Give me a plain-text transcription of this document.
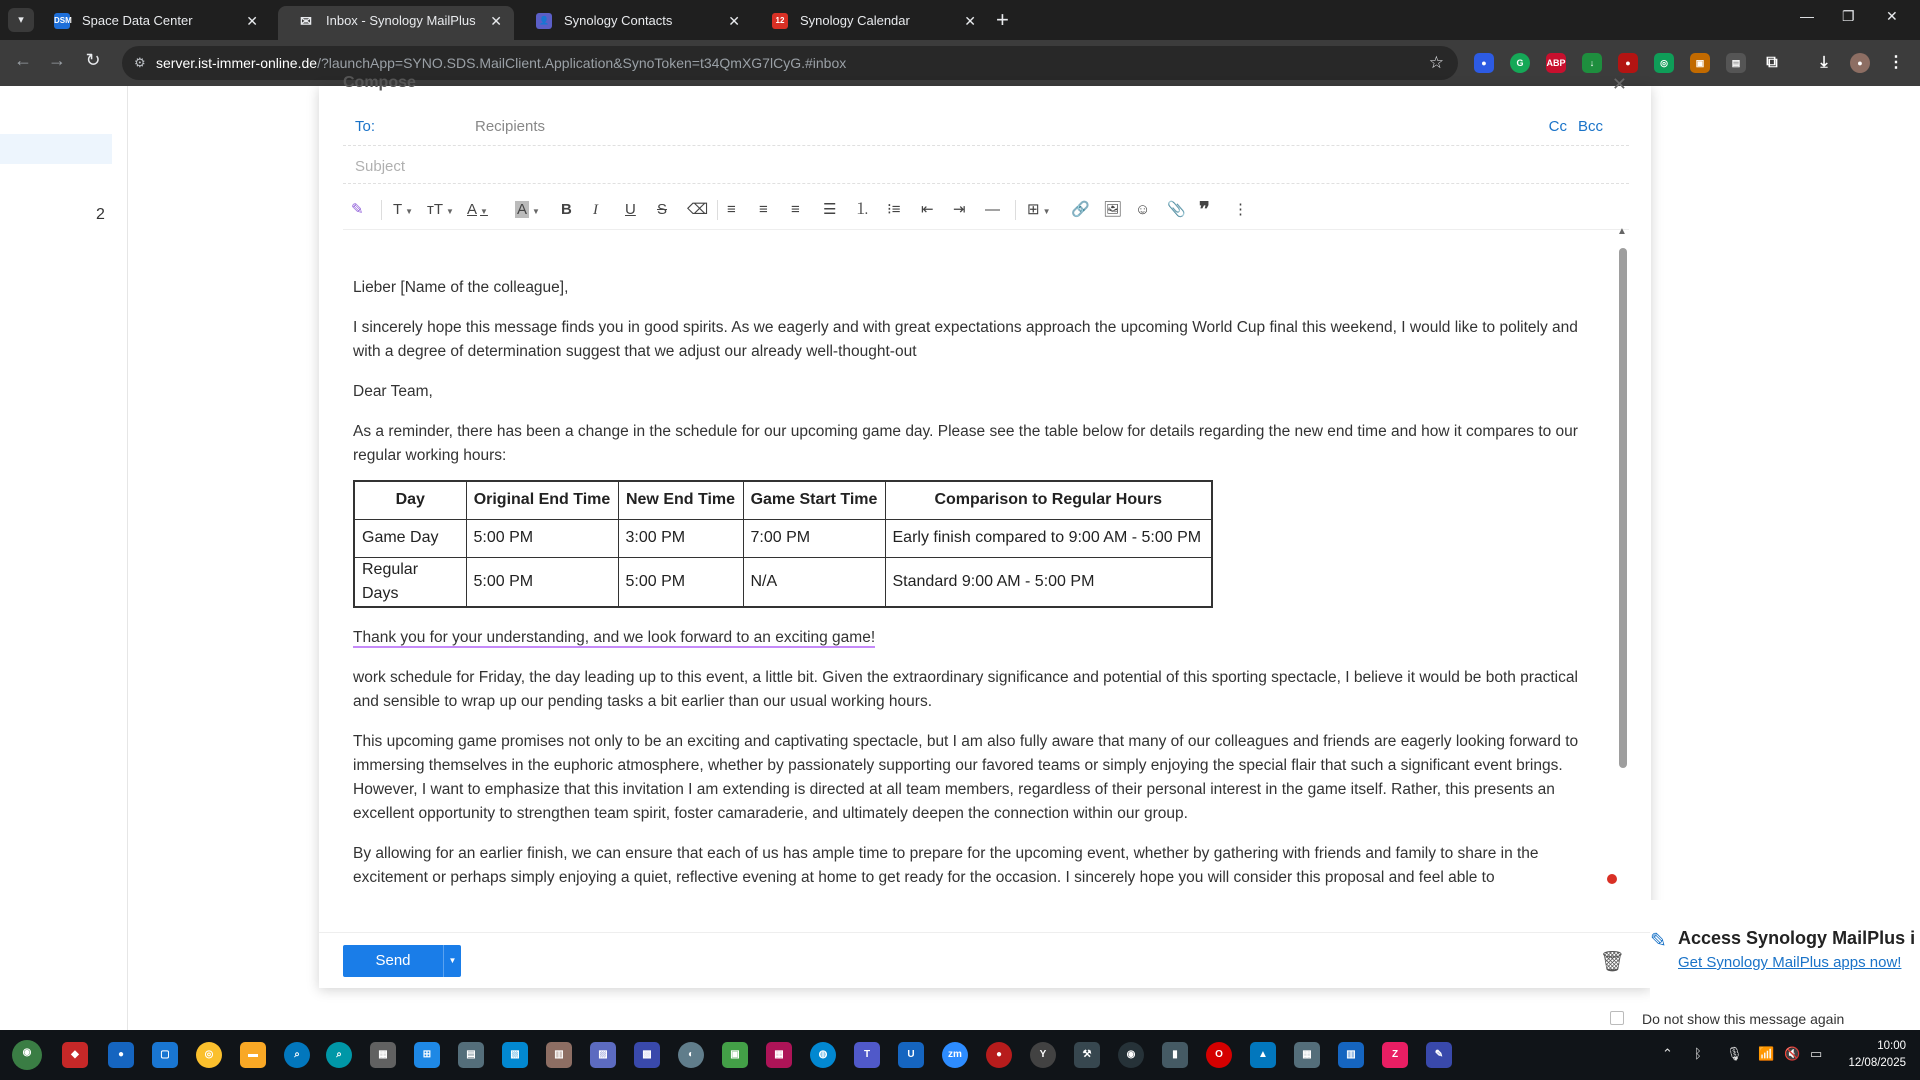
▾	DSM Space Data Center	✕	✉ Inbox - Synology MailPlus ✕	👤 Synology Contacts	✕	12 Synology Calendar	✕ +	— ❐ ✕
← →	↻	⚙ server.ist-immer-online.de/?launchApp=SYNO.SDS.MailClient.Application&SynoToken=t34QmXG7lCyG.#inbox	☆	●	G	ABP	↓	●	◎	▣	▤	⧉	⤓	●	⋮
2
Compose	✕
To:	Recipients	Cc Bcc
Subject
✎ T ▼ тT ▼ A ▼ A ▼ B I U S ⌫ ≡ ≡ ≡ ☰ ⒈ ⁝≡ ⇤ ⇥ — ⊞ ▼ 🔗 🖼 ☺ 📎 ❞ ⋮

Lieber [Name of the colleague],

I sincerely hope this message finds you in good spirits. As we eagerly and with great expectations approach the upcoming World Cup final this weekend, I would like to politely and with a degree of determination suggest that we adjust our already well-thought-out

Dear Team,

As a reminder, there has been a change in the schedule for our upcoming game day. Please see the table below for details regarding the new end time and how it compares to our regular working hours:

Day	Original End Time	New End Time	Game Start Time	Comparison to Regular Hours
Game Day	5:00 PM	3:00 PM	7:00 PM	Early finish compared to 9:00 AM - 5:00 PM
Regular Days	5:00 PM	5:00 PM	N/A	Standard 9:00 AM - 5:00 PM

Thank you for your understanding, and we look forward to an exciting game!

work schedule for Friday, the day leading up to this event, a little bit. Given the extraordinary significance and potential of this sporting spectacle, I believe it would be both practical and sensible to wrap up our pending tasks a bit earlier than our usual working hours.

This upcoming game promises not only to be an exciting and captivating spectacle, but I am also fully aware that many of our colleagues and friends are eagerly looking forward to immersing themselves in the euphoric atmosphere, whether by passionately supporting our favored teams or simply enjoying the special flair that such a significant event brings. However, I want to emphasize that this invitation I am extending is directed at all team members, regardless of their personal interest in the game itself. Rather, this presents an excellent opportunity to strengthen team spirit, foster camaraderie, and ultimately deepen the connection within our group.

By allowing for an earlier finish, we can ensure that each of us has ample time to prepare for the upcoming event, whether by gathering with friends and family to share in the excitement or perhaps simply enjoying a quiet, reflective evening at home to get ready for the occasion. I sincerely hope you will consider this proposal and feel able to

▲
Send	▼	🗑
✎ Access Synology MailPlus i
Get Synology MailPlus apps now!
Do not show this message again
◉	◆	●	▢	◎	▬	⌕	⌕	▦	⊞	▤	▧	▥	▨	▩	◐	▣	▦	◍	T	U	zm	●	Y	⚒	◉	▮	O	▲	▦	▥	Z	✎	⌃ ᛒ 🎙 📶 🔇 ▭	10:00
12/08/2025
